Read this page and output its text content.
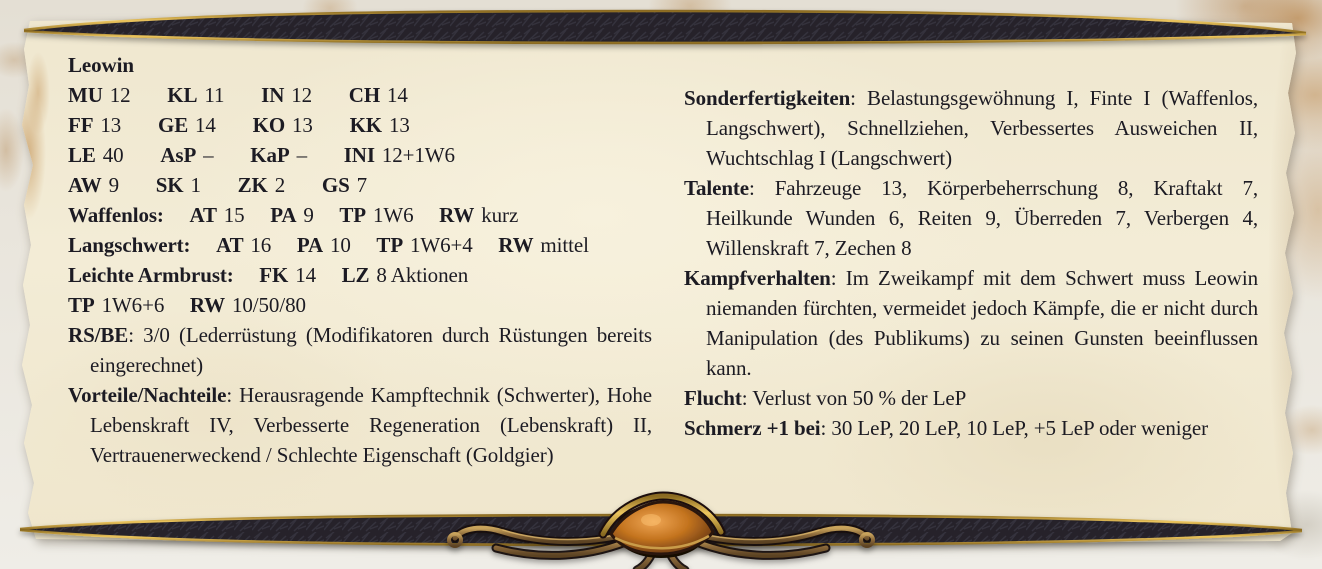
Leowin
MU 12 KL 11 IN 12 CH 14
FF 13 GE 14 KO 13 KK 13
LE 40 AsP – KaP – INI 12+1W6
AW 9 SK 1 ZK 2 GS 7
Waffenlos: AT 15 PA 9 TP 1W6 RW kurz
Langschwert: AT 16 PA 10 TP 1W6+4 RW mittel
Leichte Armbrust: FK 14 LZ 8 Aktionen
TP 1W6+6 RW 10/50/80

RS/BE: 3/0 (Lederrüstung (Modifikatoren durch Rüstungen bereits eingerechnet)

Vorteile/Nachteile: Herausragende Kampftechnik (Schwerter), Hohe Lebenskraft IV, Verbesserte Regeneration (Lebenskraft) II, Vertrauenerweckend / Schlechte Eigenschaft (Goldgier)

Sonderfertigkeiten: Belastungsgewöhnung I, Finte I (Waffenlos, Langschwert), Schnellziehen, Verbessertes Ausweichen II, Wuchtschlag I (Langschwert)

Talente: Fahrzeuge 13, Körperbeherrschung 8, Kraftakt 7, Heilkunde Wunden 6, Reiten 9, Überreden 7, Verbergen 4, Willenskraft 7, Zechen 8

Kampfverhalten: Im Zweikampf mit dem Schwert muss Leowin niemanden fürchten, vermeidet jedoch Kämpfe, die er nicht durch Manipulation (des Publikums) zu seinen Gunsten beeinflussen kann.

Flucht: Verlust von 50 % der LeP

Schmerz +1 bei: 30 LeP, 20 LeP, 10 LeP, +5 LeP oder weniger
